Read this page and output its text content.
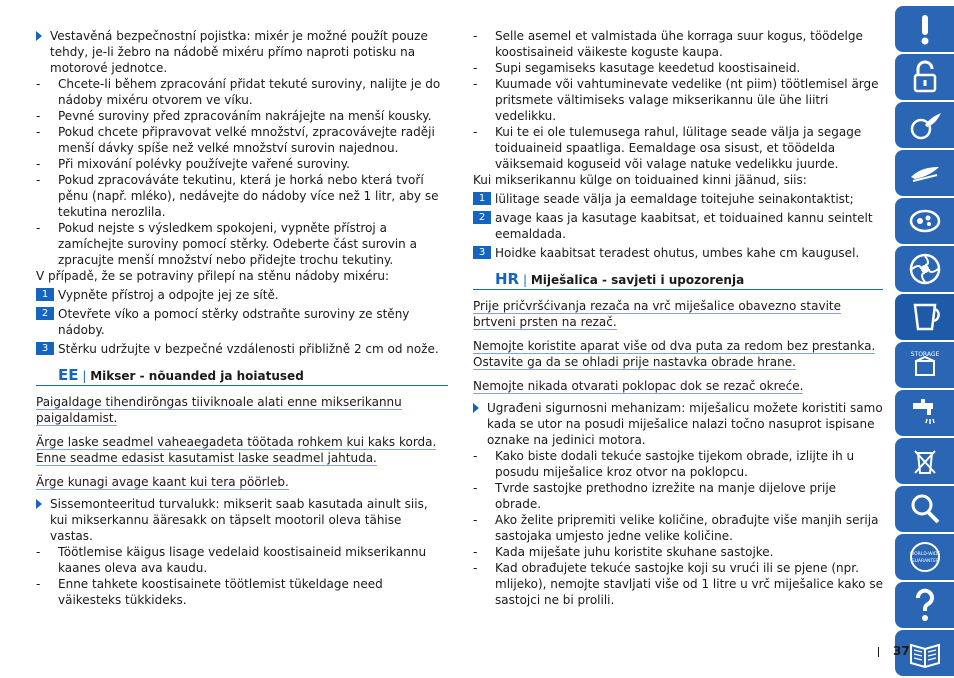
Vestavěná bezpečnostní pojistka: mixér je možné použít pouze tehdy, je-li žebro na nádobě mixéru přímo naproti potisku na motorové jednotce.

- Chcete-li během zpracování přidat tekuté suroviny, nalijte je do nádoby mixéru otvorem ve víku.

- Pevné suroviny před zpracováním nakrájejte na menší kousky.

- Pokud chcete připravovat velké množství, zpracovávejte raději menší dávky spíše než velké množství surovin najednou.

- Při mixování polévky používejte vařené suroviny.

- Pokud zpracováváte tekutinu, která je horká nebo která tvoří pěnu (např. mléko), nedávejte do nádoby více než 1 litr, aby se tekutina nerozlila.

- Pokud nejste s výsledkem spokojeni, vypněte přístroj a zamíchejte suroviny pomocí stěrky. Odeberte část surovin a zpracujte menší množství nebo přidejte trochu tekutiny.

V případě, že se potraviny přilepí na stěnu nádoby mixéru:

1 Vypněte přístroj a odpojte jej ze sítě.
2 Otevřete víko a pomocí stěrky odstraňte suroviny ze stěny nádoby.
3 Stěrku udržujte v bezpečné vzdálenosti přibližně 2 cm od nože.
EE | Mikser - nõuanded ja hoiatused
Paigaldage tihendirõngas tiiviknoale alati enne mikserikannu paigaldamist.
Ärge laske seadmel vaheaegadeta töötada rohkem kui kaks korda. Enne seadme edasist kasutamist laske seadmel jahtuda.
Ärge kunagi avage kaant kui tera pöörleb.

Sissemonteeritud turvalukk: mikserit saab kasutada ainult siis, kui mikserkannu ääresakk on täpselt mootoril oleva tähise vastas.

- Töötlemise käigus lisage vedelaid koostisaineid mikserikannu kaanes oleva ava kaudu.

- Enne tahkete koostisainete töötlemist tükeldage need väikesteks tükkideks.

- Selle asemel et valmistada ühe korraga suur kogus, töödelge koostisaineid väikeste koguste kaupa.

- Supi segamiseks kasutage keedetud koostisaineid.

- Kuumade või vahtuminevate vedelike (nt piim) töötlemisel ärge pritsmete vältimiseks valage mikserikannu üle ühe liitri vedelikku.

- Kui te ei ole tulemusega rahul, lülitage seade välja ja segage toiduaineid spaatliga. Eemaldage osa sisust, et töödelda väiksemaid koguseid või valage natuke vedelikku juurde.

Kui mikserikannu külge on toiduained kinni jäänud, siis:

1 lülitage seade välja ja eemaldage toitejuhe seinakontaktist;
2 avage kaas ja kasutage kaabitsat, et toiduained kannu seintelt eemaldada.
3 Hoidke kaabitsat teradest ohutus, umbes kahe cm kaugusel.
HR | Miješalica - savjeti i upozorenja
Prije pričvršćivanja rezača na vrč miješalice obavezno stavite brtveni prsten na rezač.
Nemojte koristite aparat više od dva puta za redom bez prestanka. Ostavite ga da se ohladi prije nastavka obrade hrane.
Nemojte nikada otvarati poklopac dok se rezač okreće.

Ugrađeni sigurnosni mehanizam: miješalicu možete koristiti samo kada se utor na posudi miješalice nalazi točno nasuprot ispisane oznake na jedinici motora.

- Kako biste dodali tekuće sastojke tijekom obrade, izlijte ih u posudu miješalice kroz otvor na poklopcu.

- Tvrde sastojke prethodno izrežite na manje dijelove prije obrade.

- Ako želite pripremiti velike količine, obrađujte više manjih serija sastojaka umjesto jedne velike količine.

- Kada miješate juhu koristite skuhane sastojke.

- Kad obrađujete tekuće sastojke koji su vrući ili se pjene (npr. mlijeko), nemojte stavljati više od 1 litre u vrč miješalice kako se sastojci ne bi prolili.

STORAGE
WORLD-WIDE
GUARANTEE
37
